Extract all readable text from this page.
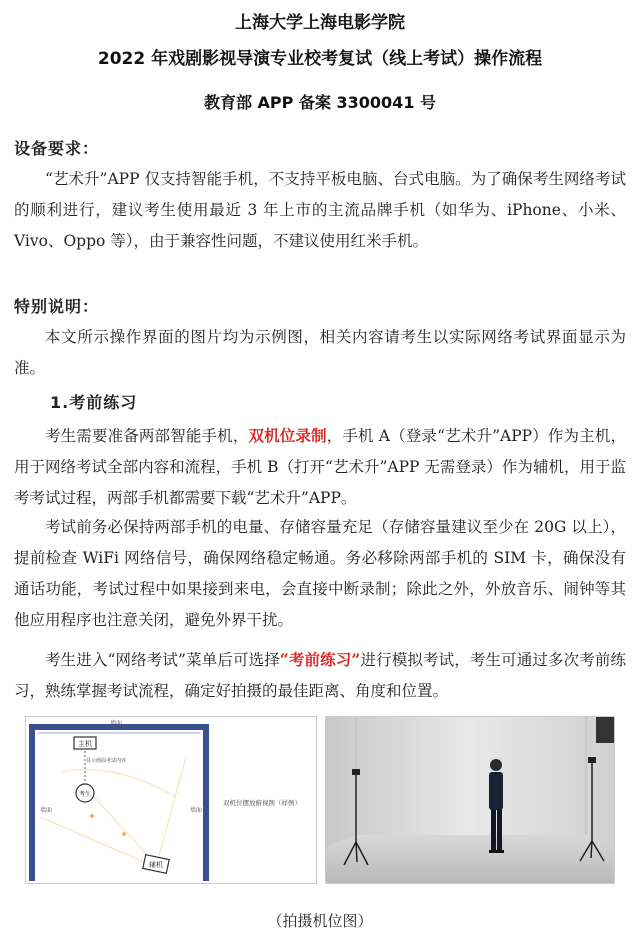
上海大学上海电影学院
2022 年戏剧影视导演专业校考复试（线上考试）操作流程
教育部 APP 备案 3300041 号
设备要求：

“艺术升”APP 仅支持智能手机，不支持平板电脑、台式电脑。为了确保考生网络考试的顺利进行，建议考生使用最近 3 年上市的主流品牌手机（如华为、iPhone、小米、Vivo、Oppo 等），由于兼容性问题，不建议使用红米手机。

特别说明：

本文所示操作界面的图片均为示例图，相关内容请考生以实际网络考试界面显示为准。

1.考前练习

考生需要准备两部智能手机，双机位录制，手机 A（登录“艺术升”APP）作为主机，用于网络考试全部内容和流程，手机 B（打开“艺术升”APP 无需登录）作为辅机，用于监考考试过程，两部手机都需要下载“艺术升”APP。

考试前务必保持两部手机的电量、存储容量充足（存储容量建议至少在 20G 以上），提前检查 WiFi 网络信号，确保网络稳定畅通。务必移除两部手机的 SIM 卡，确保没有通话功能，考试过程中如果接到来电，会直接中断录制；除此之外，外放音乐、闹钟等其他应用程序也注意关闭，避免外界干扰。

考生进入“网络考试”菜单后可选择“考前练习”进行模拟考试，考生可通过多次考前练习，熟练掌握考试流程，确定好拍摄的最佳距离、角度和位置。

墙面
墙面	墙面
主机
显示画面考试内容
考生
辅机
双机位摆放俯视图（样例）
（拍摄机位图）
